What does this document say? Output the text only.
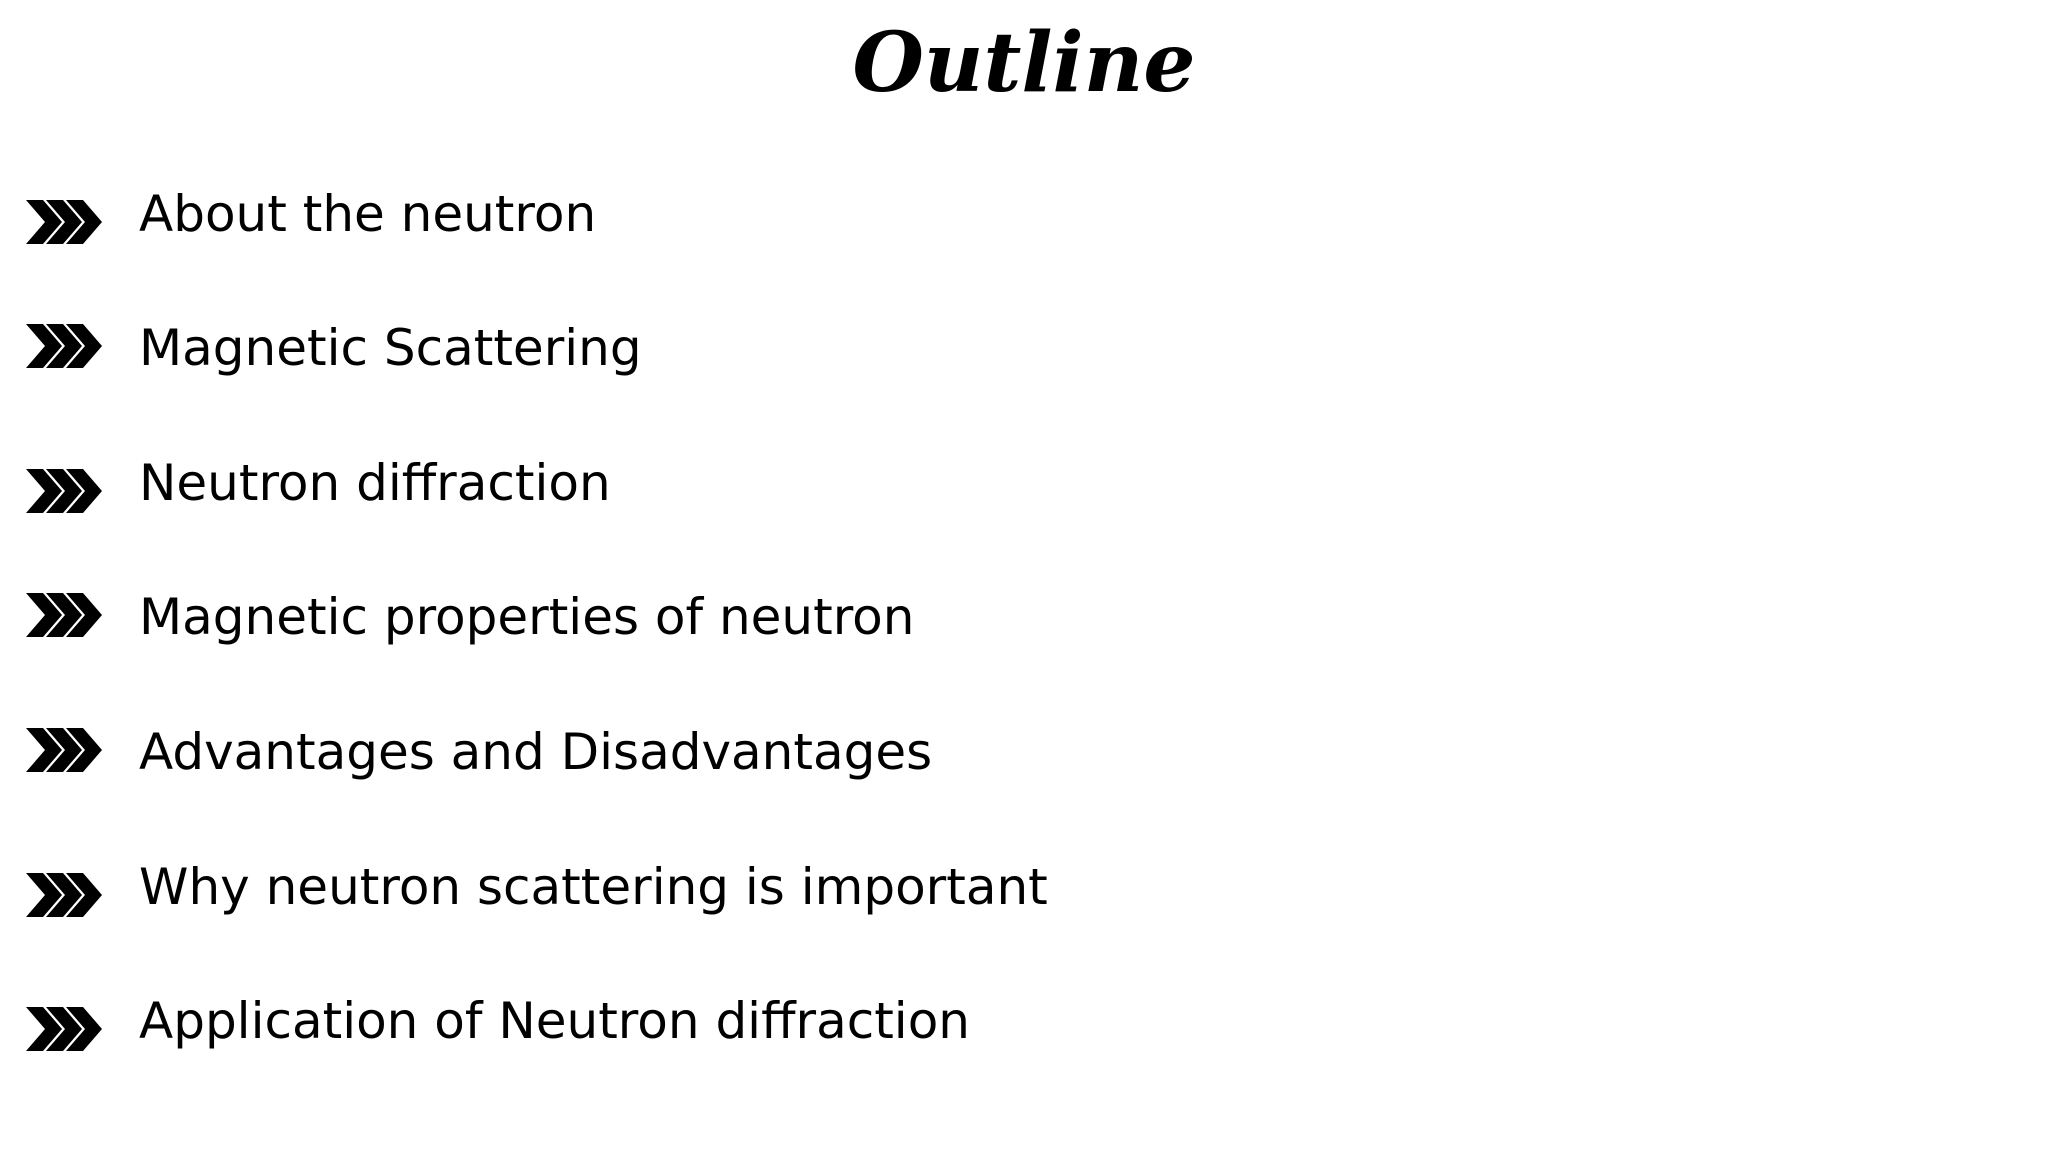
Outline
About the neutron
Magnetic Scattering
Neutron diffraction
Magnetic properties of neutron
Advantages and Disadvantages
Why neutron scattering is important
Application of Neutron diffraction
